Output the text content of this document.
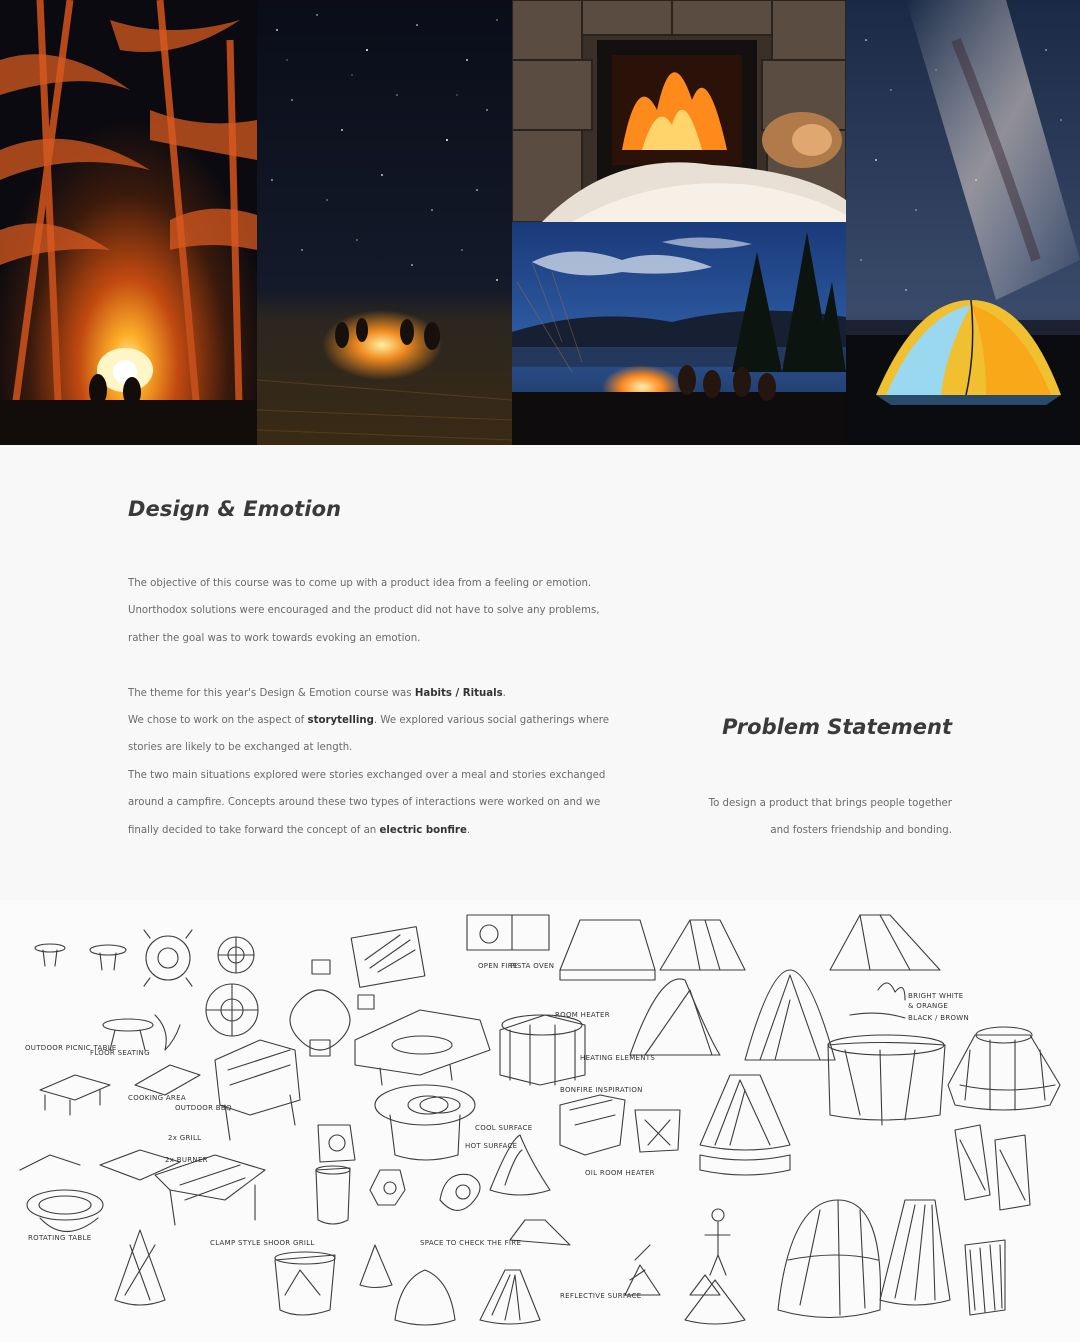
Design & Emotion

The objective of this course was to come up with a product idea from a feeling or emotion.

Unorthodox solutions were encouraged and the product did not have to solve any problems,

rather the goal was to work towards evoking an emotion.

The theme for this year's Design & Emotion course was Habits / Rituals.

We chose to work on the aspect of storytelling. We explored various social gatherings where

stories are likely to be exchanged at length.

The two main situations explored were stories exchanged over a meal and stories exchanged

around a campfire. Concepts around these two types of interactions were worked on and we

finally decided to take forward the concept of an electric bonfire.

Problem Statement

To design a product that brings people together

and fosters friendship and bonding.

OPEN FIRE
PISTA OVEN
ROOM HEATER
HEATING ELEMENTS
BONFIRE INSPIRATION
BRIGHT WHITE
& ORANGE
BLACK / BROWN
OUTDOOR PICNIC TABLE
FLOOR SEATING
COOKING AREA
OUTDOOR BBQ
COOL SURFACE
HOT SURFACE
OIL ROOM HEATER
2x GRILL
2x BURNER
ROTATING TABLE
CLAMP STYLE SHOOR GRILL	SPACE TO CHECK THE FIRE
REFLECTIVE SURFACE
